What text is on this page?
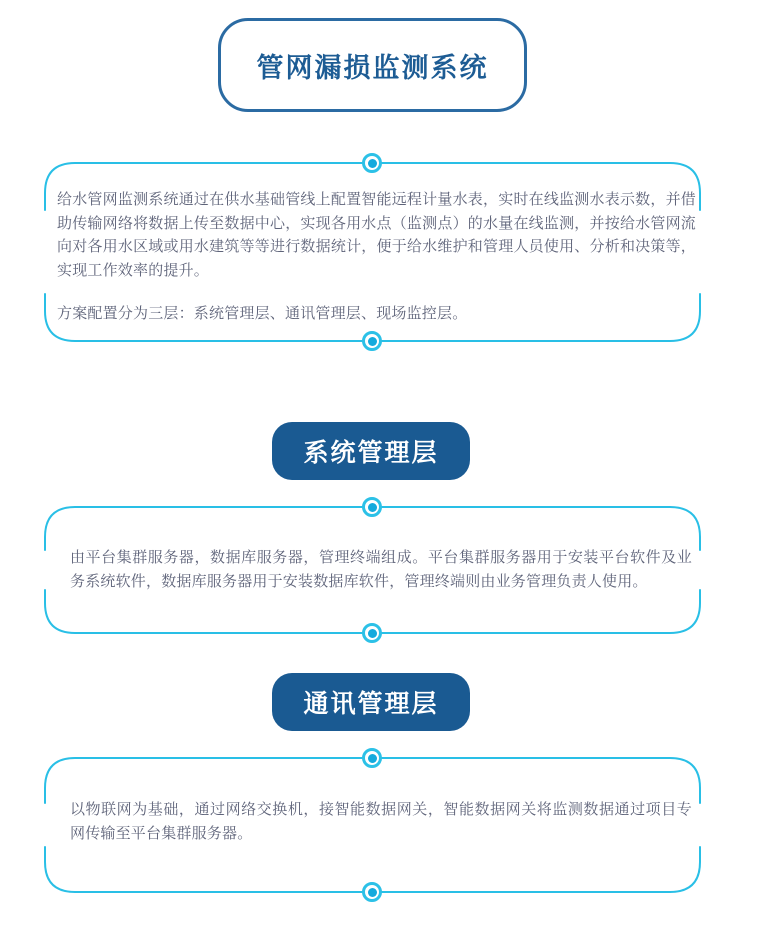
管网漏损监测系统
给水管网监测系统通过在供水基础管线上配置智能远程计量水表，实时在线监测水表示数，并借助传输网络将数据上传至数据中心，实现各用水点（监测点）的水量在线监测，并按给水管网流向对各用水区域或用水建筑等等进行数据统计，便于给水维护和管理人员使用、分析和决策等，实现工作效率的提升。
方案配置分为三层：系统管理层、通讯管理层、现场监控层。
系统管理层
由平台集群服务器，数据库服务器，管理终端组成。平台集群服务器用于安装平台软件及业务系统软件，数据库服务器用于安装数据库软件，管理终端则由业务管理负责人使用。
通讯管理层
以物联网为基础，通过网络交换机，接智能数据网关，智能数据网关将监测数据通过项目专网传输至平台集群服务器。
